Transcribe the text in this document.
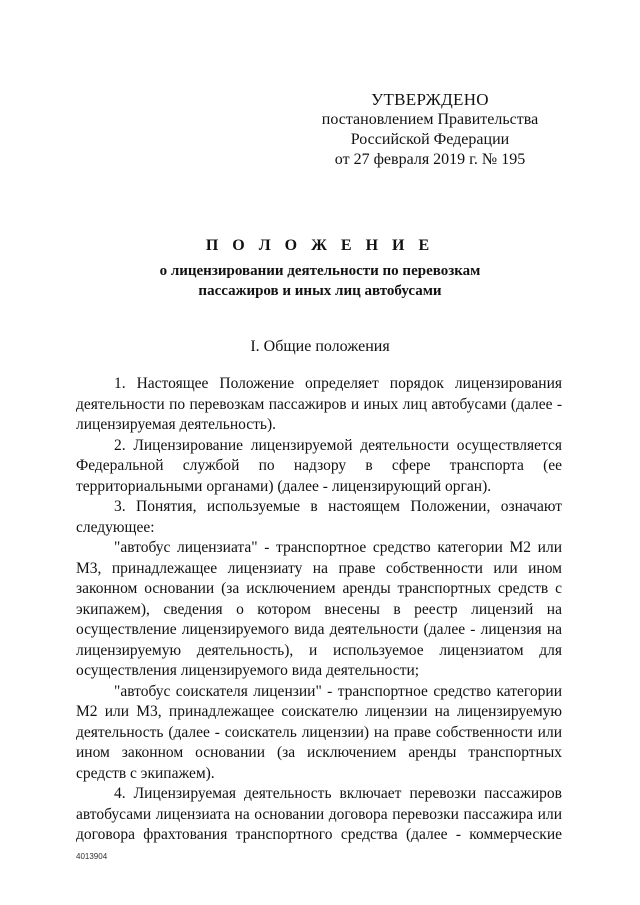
УТВЕРЖДЕНО
постановлением Правительства
Российской Федерации
от 27 февраля 2019 г. № 195
П О Л О Ж Е Н И Е
о лицензировании деятельности по перевозкам
пассажиров и иных лиц автобусами
I. Общие положения

1. Настоящее Положение определяет порядок лицензирования деятельности по перевозкам пассажиров и иных лиц автобусами (далее - лицензируемая деятельность).

2. Лицензирование лицензируемой деятельности осуществляется Федеральной службой по надзору в сфере транспорта (ее территориальными органами) (далее - лицензирующий орган).

3. Понятия, используемые в настоящем Положении, означают следующее:

"автобус лицензиата" - транспортное средство категории М2 или М3, принадлежащее лицензиату на праве собственности или ином законном основании (за исключением аренды транспортных средств с экипажем), сведения о котором внесены в реестр лицензий на осуществление лицензируемого вида деятельности (далее - лицензия на лицензируемую деятельность), и используемое лицензиатом для осуществления лицензируемого вида деятельности;

"автобус соискателя лицензии" - транспортное средство категории М2 или М3, принадлежащее соискателю лицензии на лицензируемую деятельность (далее - соискатель лицензии) на праве собственности или ином законном основании (за исключением аренды транспортных средств с экипажем).

4. Лицензируемая деятельность включает перевозки пассажиров автобусами лицензиата на основании договора перевозки пассажира или договора фрахтования транспортного средства (далее - коммерческие

4013904
